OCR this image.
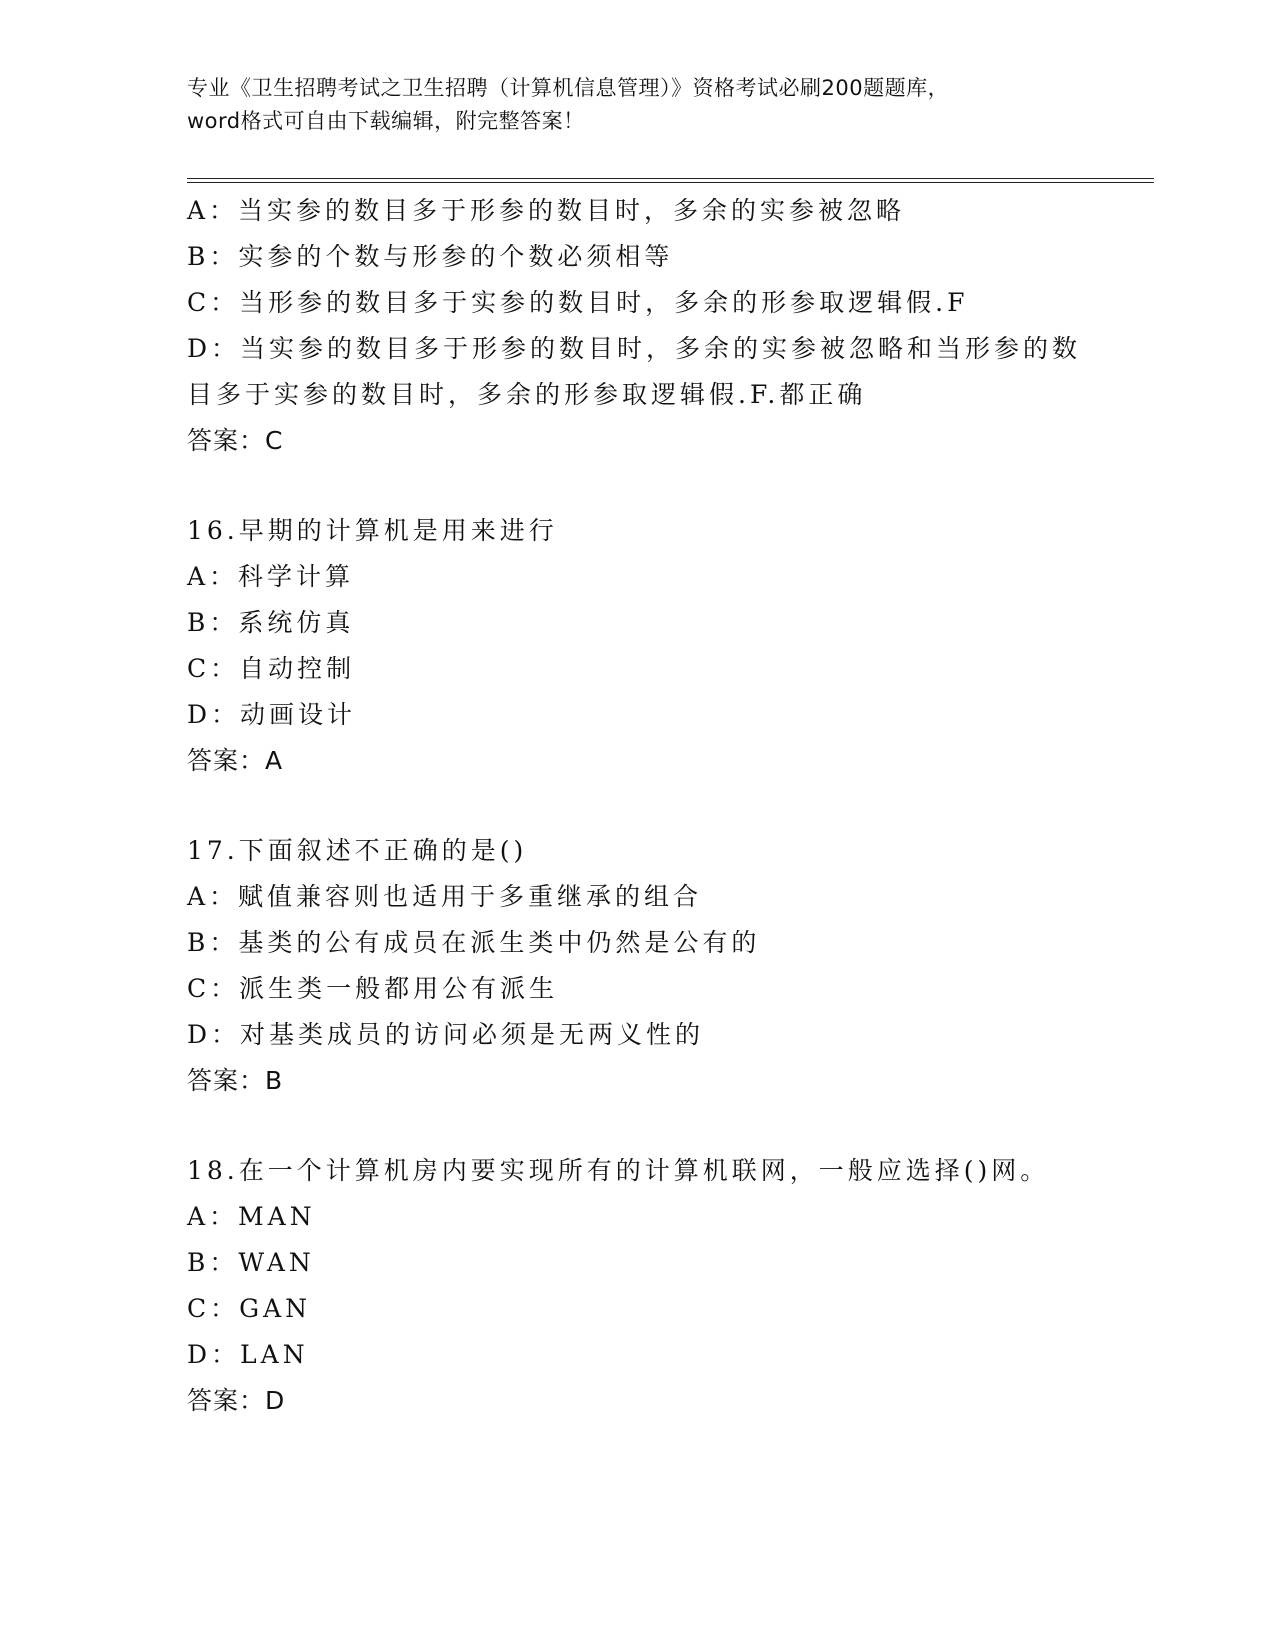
专业《卫生招聘考试之卫生招聘（计算机信息管理）》资格考试必刷200题题库，
word格式可自由下载编辑，附完整答案！
A：当实参的数目多于形参的数目时，多余的实参被忽略
B：实参的个数与形参的个数必须相等
C：当形参的数目多于实参的数目时，多余的形参取逻辑假.F
D：当实参的数目多于形参的数目时，多余的实参被忽略和当形参的数目多于实参的数目时，多余的形参取逻辑假.F.都正确
答案：C
16.早期的计算机是用来进行
A：科学计算
B：系统仿真
C：自动控制
D：动画设计
答案：A
17.下面叙述不正确的是()
A：赋值兼容则也适用于多重继承的组合
B：基类的公有成员在派生类中仍然是公有的
C：派生类一般都用公有派生
D：对基类成员的访问必须是无两义性的
答案：B
18.在一个计算机房内要实现所有的计算机联网，一般应选择()网。
A：MAN
B：WAN
C：GAN
D：LAN
答案：D
